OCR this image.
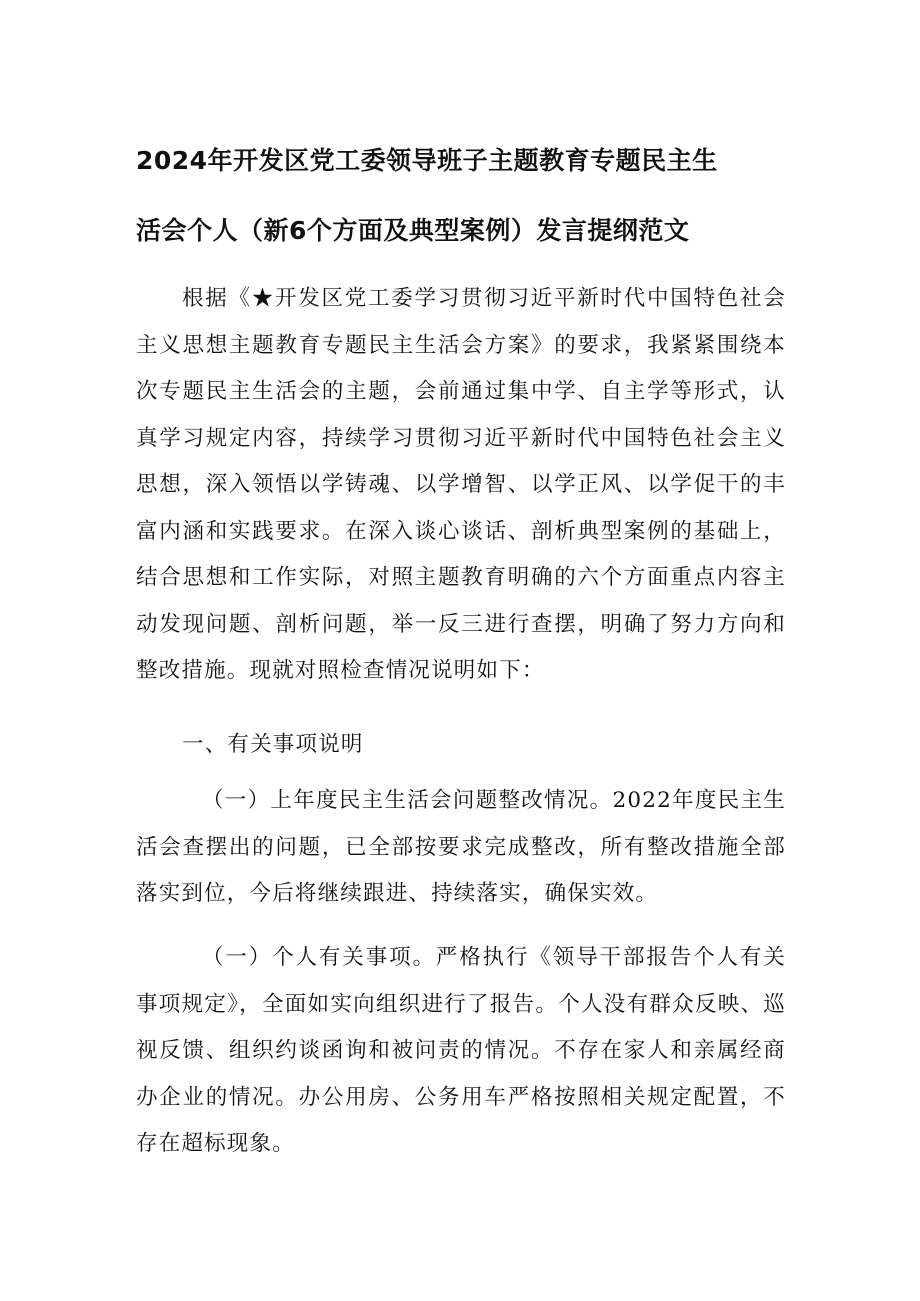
2024年开发区党工委领导班子主题教育专题民主生
活会个人（新6个方面及典型案例）发言提纲范文

根据《★开发区党工委学习贯彻习近平新时代中国特色社会主义思想主题教育专题民主生活会方案》的要求，我紧紧围绕本次专题民主生活会的主题，会前通过集中学、自主学等形式，认真学习规定内容，持续学习贯彻习近平新时代中国特色社会主义思想，深入领悟以学铸魂、以学增智、以学正风、以学促干的丰富内涵和实践要求。在深入谈心谈话、剖析典型案例的基础上，结合思想和工作实际，对照主题教育明确的六个方面重点内容主动发现问题、剖析问题，举一反三进行查摆，明确了努力方向和整改措施。现就对照检查情况说明如下：

一、有关事项说明

（一）上年度民主生活会问题整改情况。2022年度民主生活会查摆出的问题，已全部按要求完成整改，所有整改措施全部落实到位，今后将继续跟进、持续落实，确保实效。

（一）个人有关事项。严格执行《领导干部报告个人有关事项规定》，全面如实向组织进行了报告。个人没有群众反映、巡视反馈、组织约谈函询和被问责的情况。不存在家人和亲属经商办企业的情况。办公用房、公务用车严格按照相关规定配置，不存在超标现象。
